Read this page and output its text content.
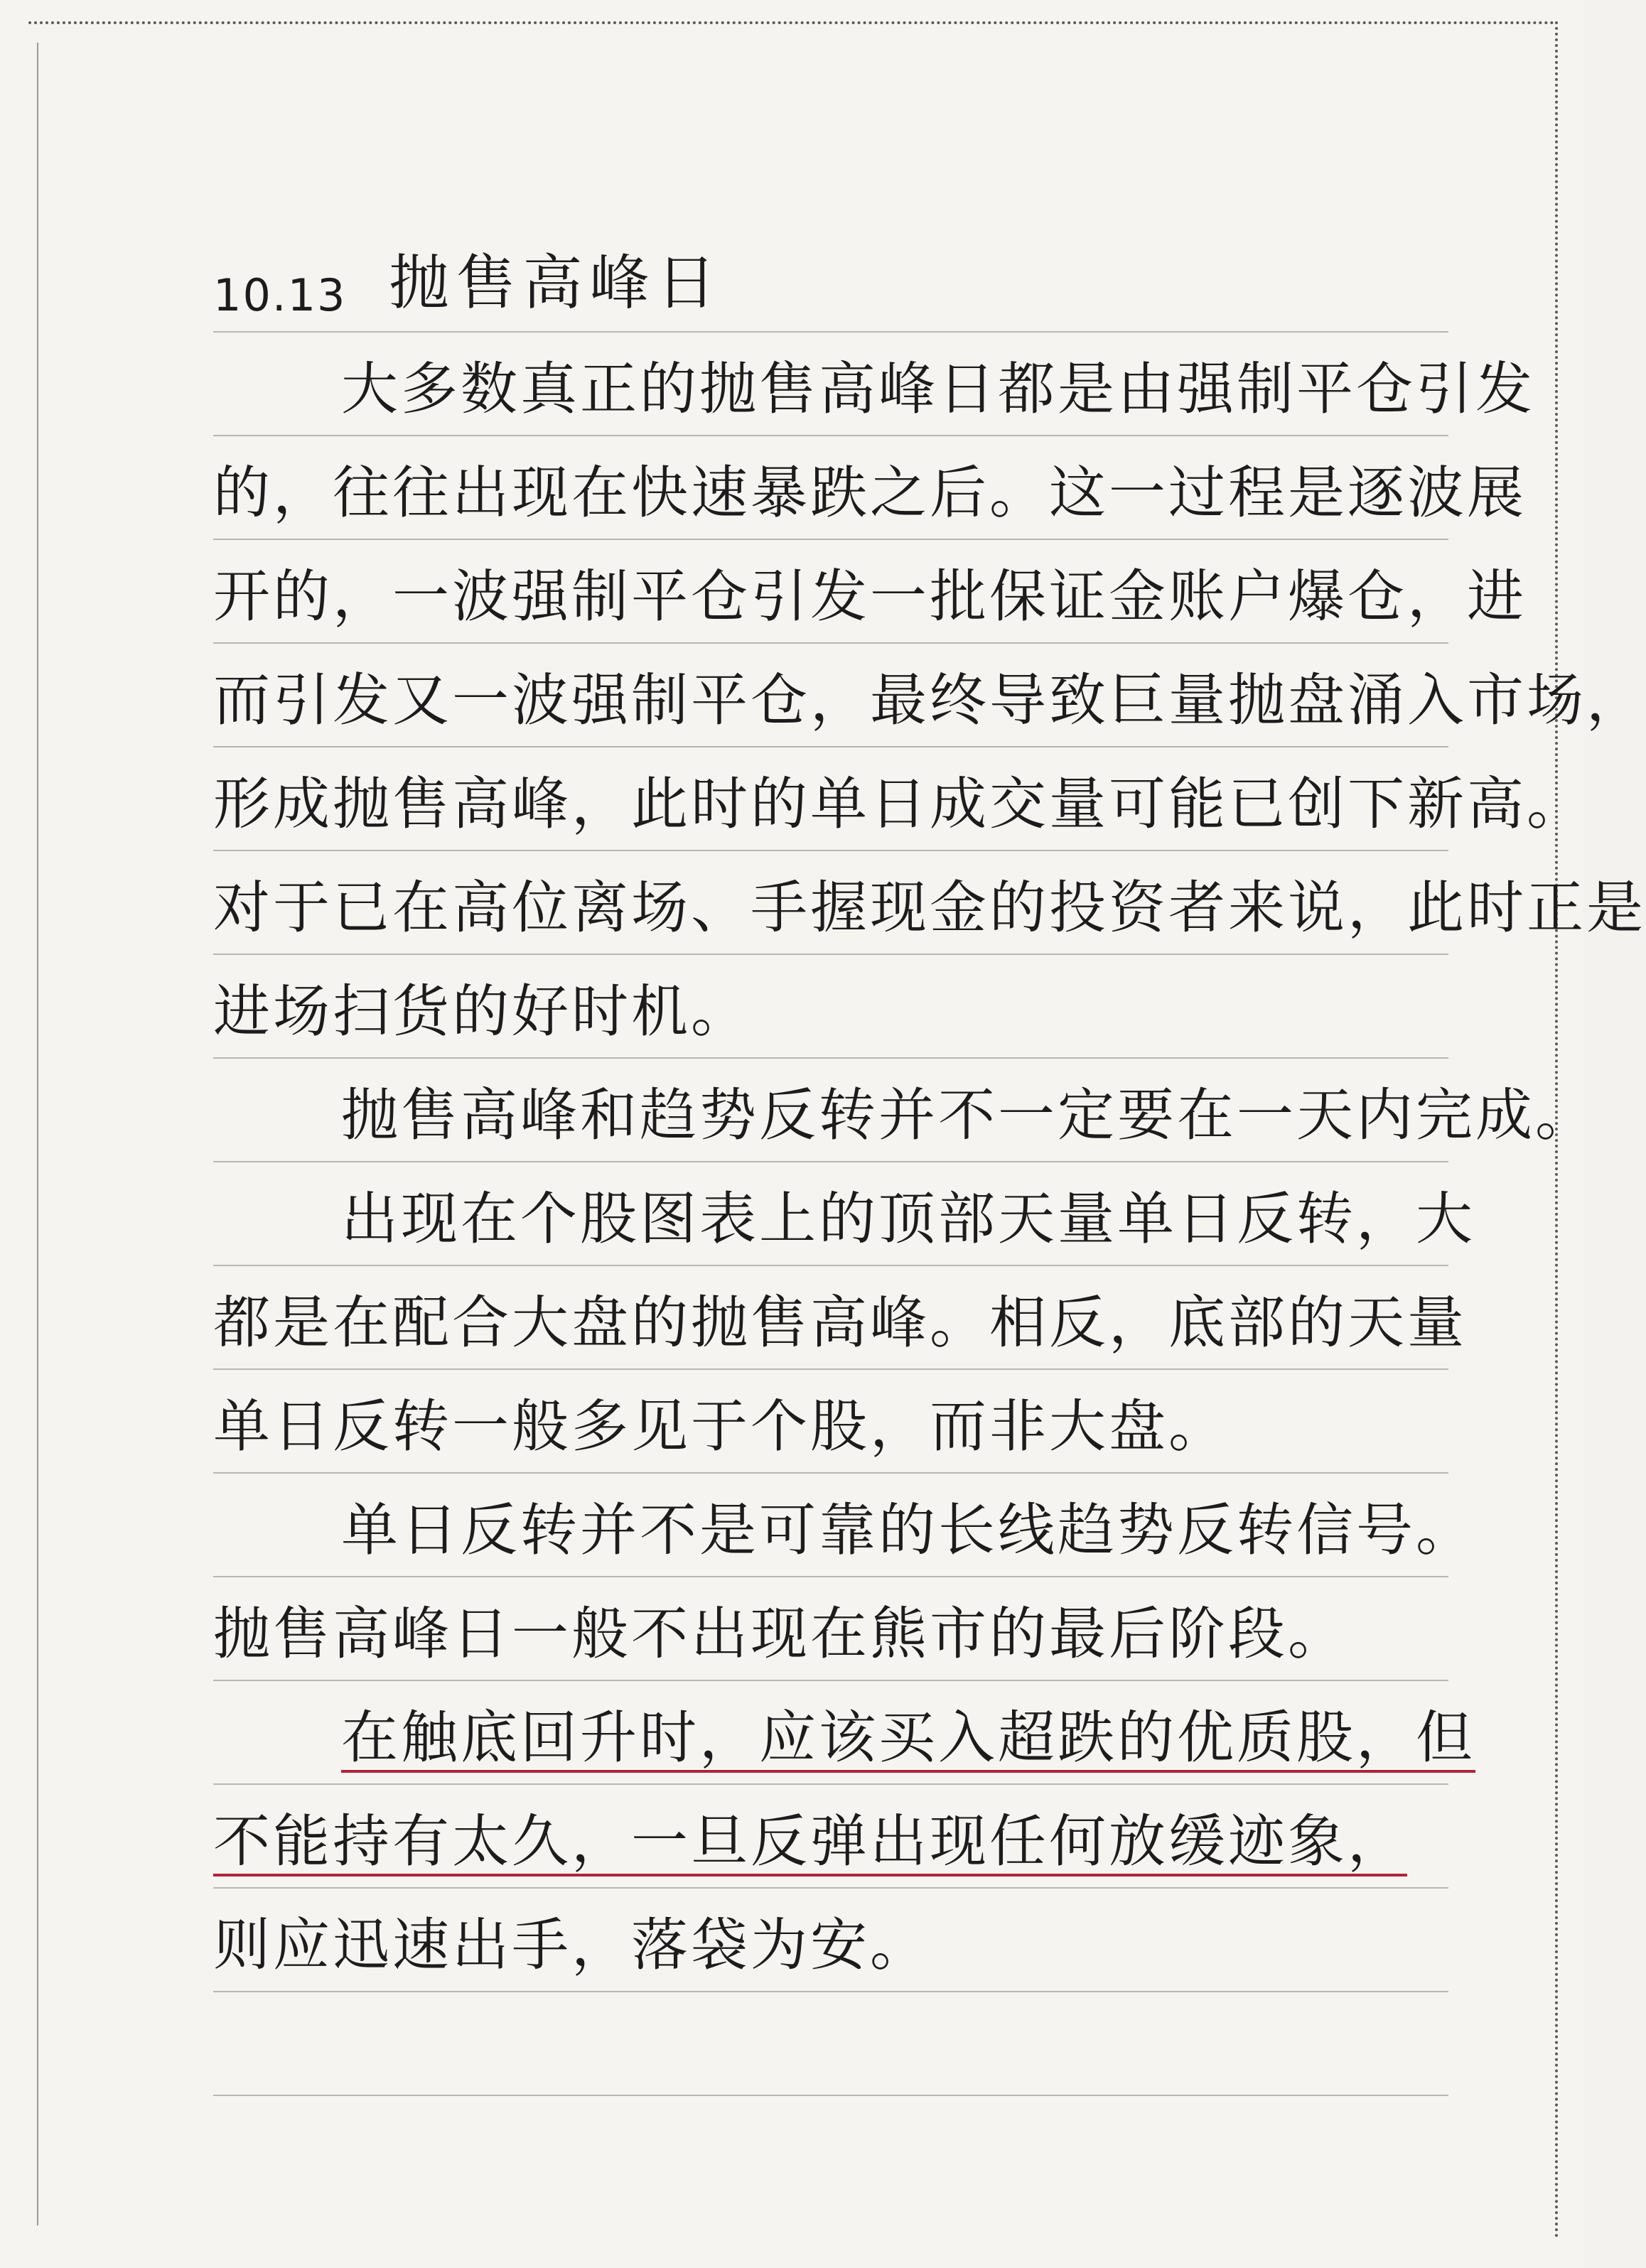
10.13 抛售高峰日
大多数真正的抛售高峰日都是由强制平仓引发
的，往往出现在快速暴跌之后。这一过程是逐波展
开的，一波强制平仓引发一批保证金账户爆仓，进
而引发又一波强制平仓，最终导致巨量抛盘涌入市场，
形成抛售高峰，此时的单日成交量可能已创下新高。
对于已在高位离场、手握现金的投资者来说，此时正是
进场扫货的好时机。
抛售高峰和趋势反转并不一定要在一天内完成。
出现在个股图表上的顶部天量单日反转，大
都是在配合大盘的抛售高峰。相反，底部的天量
单日反转一般多见于个股，而非大盘。
单日反转并不是可靠的长线趋势反转信号。
抛售高峰日一般不出现在熊市的最后阶段。
在触底回升时，应该买入超跌的优质股，但
不能持有太久，一旦反弹出现任何放缓迹象，
则应迅速出手，落袋为安。
